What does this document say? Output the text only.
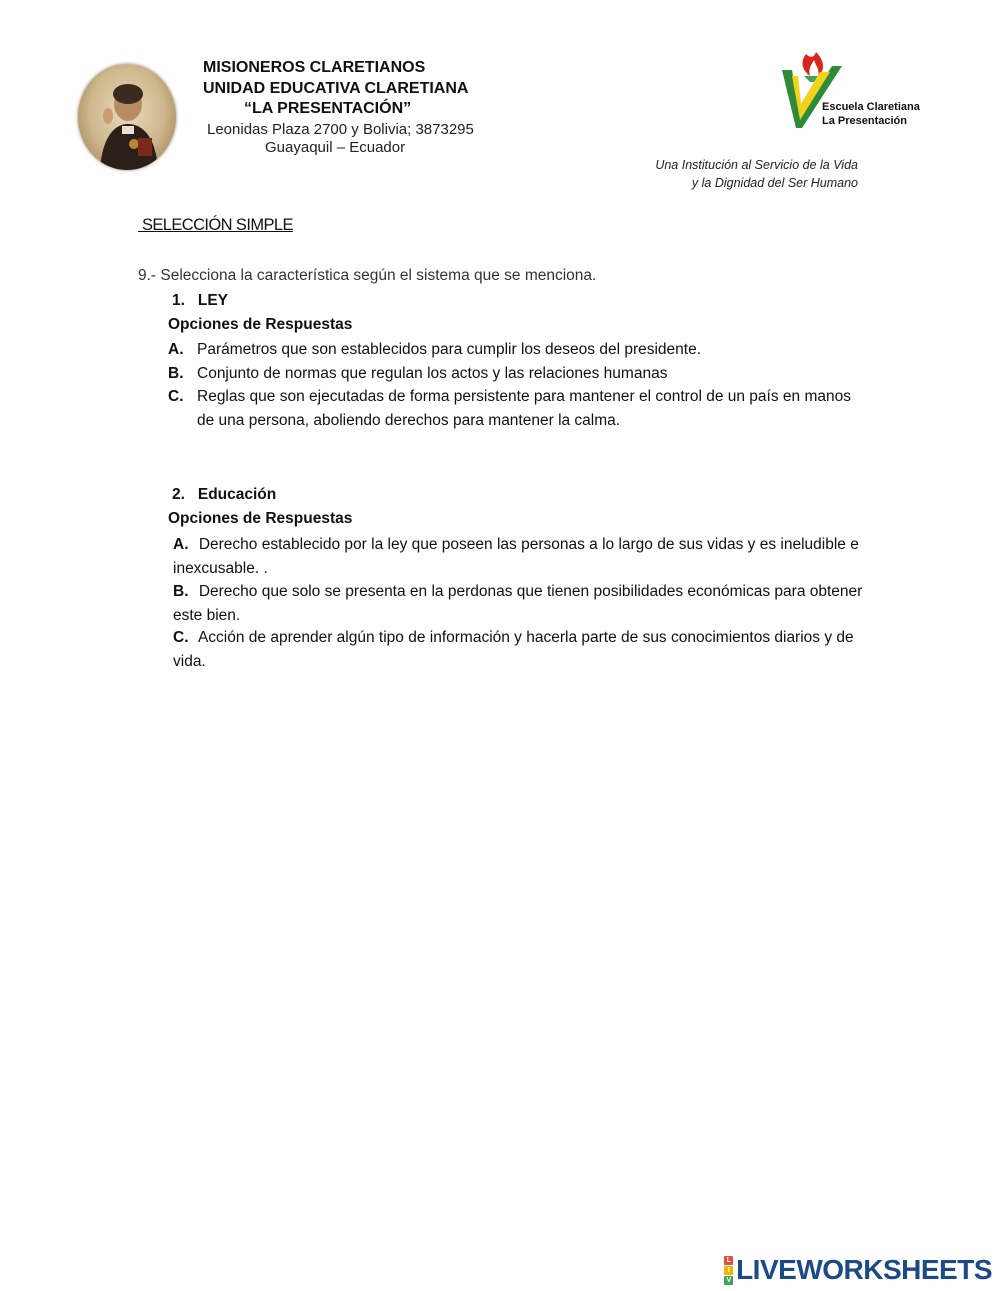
MISIONEROS CLARETIANOS
UNIDAD EDUCATIVA CLARETIANA
“LA PRESENTACIÓN”
Leonidas Plaza 2700 y Bolivia; 3873295
Guayaquil – Ecuador
Escuela Claretiana
La Presentación
Una Institución al Servicio de la Vida
y la Dignidad del Ser Humano
SELECCIÓN SIMPLE
9.- Selecciona la característica según el sistema que se menciona.
1. LEY
Opciones de Respuestas
A. Parámetros que son establecidos para cumplir los deseos del presidente.
B. Conjunto de normas que regulan los actos y las relaciones humanas
C. Reglas que son ejecutadas de forma persistente para mantener el control de un país en manos de una persona, aboliendo derechos para mantener la calma.
2. Educación
Opciones de Respuestas
A. Derecho establecido por la ley que poseen las personas a lo largo de sus vidas y es ineludible e inexcusable. .
B. Derecho que solo se presenta en la perdonas que tienen posibilidades económicas para obtener este bien.
C. Acción de aprender algún tipo de información y hacerla parte de sus conocimientos diarios y de vida.
L
I
V LIVEWORKSHEETS
